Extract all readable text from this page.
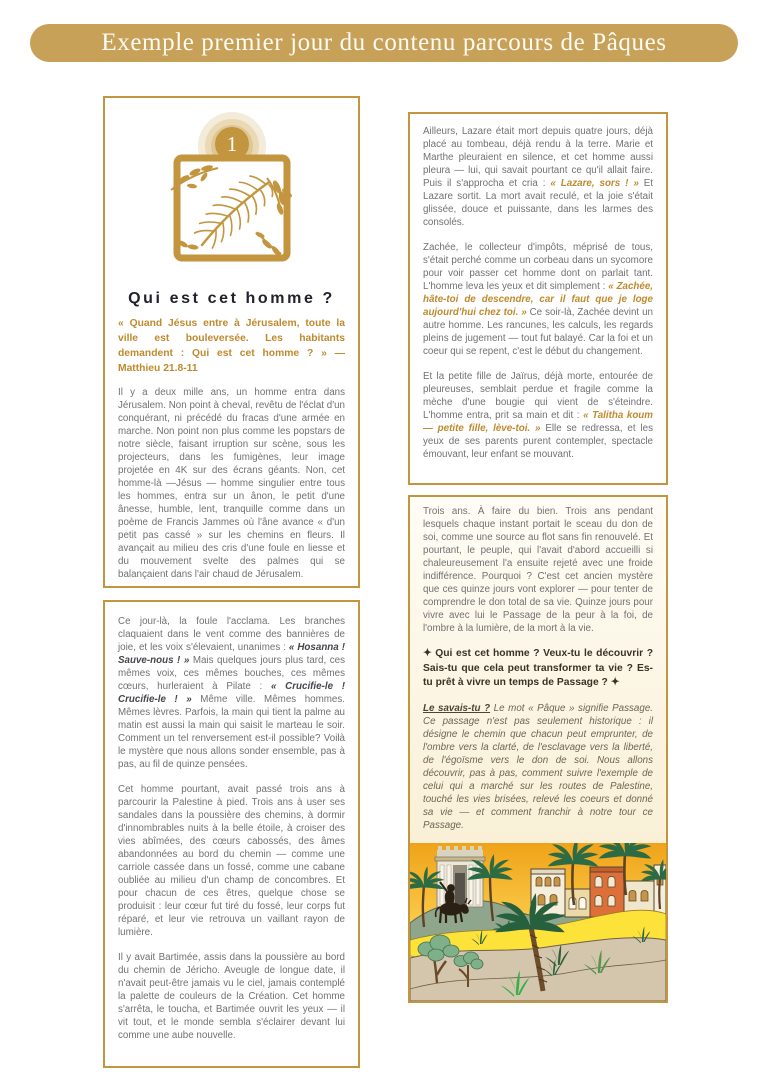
Exemple premier jour du contenu parcours de Pâques
1
Qui est cet homme ?

« Quand Jésus entre à Jérusalem, toute la ville est bouleversée. Les habitants demandent : Qui est cet homme ? » — Matthieu 21.8-11

Il y a deux mille ans, un homme entra dans Jérusalem. Non point à cheval, revêtu de l'éclat d'un conquérant, ni précédé du fracas d'une armée en marche. Non point non plus comme les popstars de notre siècle, faisant irruption sur scène, sous les projecteurs, dans les fumigènes, leur image projetée en 4K sur des écrans géants. Non, cet homme-là —Jésus — homme singulier entre tous les hommes, entra sur un ânon, le petit d'une ânesse, humble, lent, tranquille comme dans un poème de Francis Jammes où l'âne avance « d'un petit pas cassé » sur les chemins en fleurs. Il avançait au milieu des cris d'une foule en liesse et du mouvement svelte des palmes qui se balançaient dans l'air chaud de Jérusalem.

Ce jour-là, la foule l'acclama. Les branches claquaient dans le vent comme des bannières de joie, et les voix s'élevaient, unanimes : « Hosanna ! Sauve-nous ! » Mais quelques jours plus tard, ces mêmes voix, ces mêmes bouches, ces mêmes cœurs, hurleraient à Pilate : « Crucifie-le ! Crucifie-le ! » Même ville. Mêmes hommes. Mêmes lèvres. Parfois, la main qui tient la palme au matin est aussi la main qui saisit le marteau le soir. Comment un tel renversement est-il possible? Voilà le mystère que nous allons sonder ensemble, pas à pas, au fil de quinze pensées.

Cet homme pourtant, avait passé trois ans à parcourir la Palestine à pied. Trois ans à user ses sandales dans la poussière des chemins, à dormir d'innombrables nuits à la belle étoile, à croiser des vies abîmées, des cœurs cabossés, des âmes abandonnées au bord du chemin — comme une carriole cassée dans un fossé, comme une cabane oubliée au milieu d'un champ de concombres. Et pour chacun de ces êtres, quelque chose se produisit : leur cœur fut tiré du fossé, leur corps fut réparé, et leur vie retrouva un vaillant rayon de lumière.

Il y avait Bartimée, assis dans la poussière au bord du chemin de Jéricho. Aveugle de longue date, il n'avait peut-être jamais vu le ciel, jamais contemplé la palette de couleurs de la Création. Cet homme s'arrêta, le toucha, et Bartimée ouvrit les yeux — il vit tout, et le monde sembla s'éclairer devant lui comme une aube nouvelle.

Ailleurs, Lazare était mort depuis quatre jours, déjà placé au tombeau, déjà rendu à la terre. Marie et Marthe pleuraient en silence, et cet homme aussi pleura — lui, qui savait pourtant ce qu'il allait faire. Puis il s'approcha et cria : « Lazare, sors ! » Et Lazare sortit. La mort avait reculé, et la joie s'était glissée, douce et puissante, dans les larmes des consolés.

Zachée, le collecteur d'impôts, méprisé de tous, s'était perché comme un corbeau dans un sycomore pour voir passer cet homme dont on parlait tant. L'homme leva les yeux et dit simplement : « Zachée, hâte-toi de descendre, car il faut que je loge aujourd'hui chez toi. » Ce soir-là, Zachée devint un autre homme. Les rancunes, les calculs, les regards pleins de jugement — tout fut balayé. Car la foi et un coeur qui se repent, c'est le début du changement.

Et la petite fille de Jaïrus, déjà morte, entourée de pleureuses, semblait perdue et fragile comme la mèche d'une bougie qui vient de s'éteindre. L'homme entra, prit sa main et dit : « Talitha koum — petite fille, lève-toi. » Elle se redressa, et les yeux de ses parents purent contempler, spectacle émouvant, leur enfant se mouvant.

Trois ans. À faire du bien. Trois ans pendant lesquels chaque instant portait le sceau du don de soi, comme une source au flot sans fin renouvelé. Et pourtant, le peuple, qui l'avait d'abord accueilli si chaleureusement l'a ensuite rejeté avec une froide indifférence. Pourquoi ? C'est cet ancien mystère que ces quinze jours vont explorer — pour tenter de comprendre le don total de sa vie. Quinze jours pour vivre avec lui le Passage de la peur à la foi, de l'ombre à la lumière, de la mort à la vie.

✦ Qui est cet homme ? Veux-tu le découvrir ? Sais-tu que cela peut transformer ta vie ? Es-tu prêt à vivre un temps de Passage ? ✦

Le savais-tu ? Le mot « Pâque » signifie Passage. Ce passage n'est pas seulement historique : il désigne le chemin que chacun peut emprunter, de l'ombre vers la clarté, de l'esclavage vers la liberté, de l'égoïsme vers le don de soi. Nous allons découvrir, pas à pas, comment suivre l'exemple de celui qui a marché sur les routes de Palestine, touché les vies brisées, relevé les coeurs et donné sa vie — et comment franchir à notre tour ce Passage.
